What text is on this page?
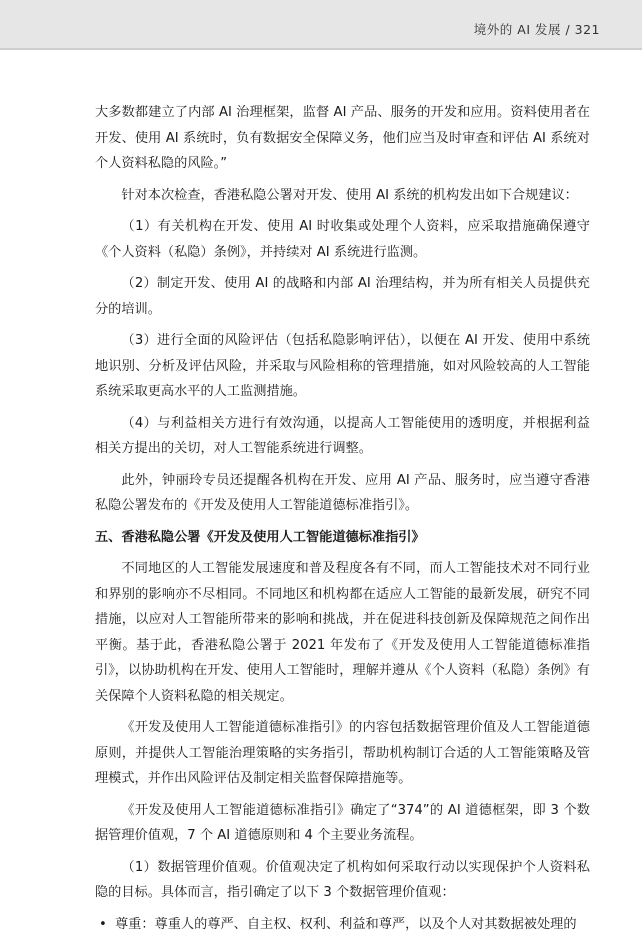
境外的 AI 发展 / 321

大多数都建立了内部 AI 治理框架，监督 AI 产品、服务的开发和应用。资料使用者在开发、使用 AI 系统时，负有数据安全保障义务，他们应当及时审查和评估 AI 系统对个人资料私隐的风险。”

针对本次检查，香港私隐公署对开发、使用 AI 系统的机构发出如下合规建议：

（1）有关机构在开发、使用 AI 时收集或处理个人资料，应采取措施确保遵守《个人资料（私隐）条例》，并持续对 AI 系统进行监测。

（2）制定开发、使用 AI 的战略和内部 AI 治理结构，并为所有相关人员提供充分的培训。

（3）进行全面的风险评估（包括私隐影响评估），以便在 AI 开发、使用中系统地识别、分析及评估风险，并采取与风险相称的管理措施，如对风险较高的人工智能系统采取更高水平的人工监测措施。

（4）与利益相关方进行有效沟通，以提高人工智能使用的透明度，并根据利益相关方提出的关切，对人工智能系统进行调整。

此外，钟丽玲专员还提醒各机构在开发、应用 AI 产品、服务时，应当遵守香港私隐公署发布的《开发及使用人工智能道德标准指引》。

五、香港私隐公署《开发及使用人工智能道德标准指引》

不同地区的人工智能发展速度和普及程度各有不同，而人工智能技术对不同行业和界别的影响亦不尽相同。不同地区和机构都在适应人工智能的最新发展，研究不同措施，以应对人工智能所带来的影响和挑战，并在促进科技创新及保障规范之间作出平衡。基于此，香港私隐公署于 2021 年发布了《开发及使用人工智能道德标准指引》，以协助机构在开发、使用人工智能时，理解并遵从《个人资料（私隐）条例》有关保障个人资料私隐的相关规定。

《开发及使用人工智能道德标准指引》的内容包括数据管理价值及人工智能道德原则，并提供人工智能治理策略的实务指引，帮助机构制订合适的人工智能策略及管理模式，并作出风险评估及制定相关监督保障措施等。

《开发及使用人工智能道德标准指引》确定了“374”的 AI 道德框架，即 3 个数据管理价值观，7 个 AI 道德原则和 4 个主要业务流程。

（1）数据管理价值观。价值观决定了机构如何采取行动以实现保护个人资料私隐的目标。具体而言，指引确定了以下 3 个数据管理价值观：

• 尊重：尊重人的尊严、自主权、权利、利益和尊严，以及个人对其数据被处理的
